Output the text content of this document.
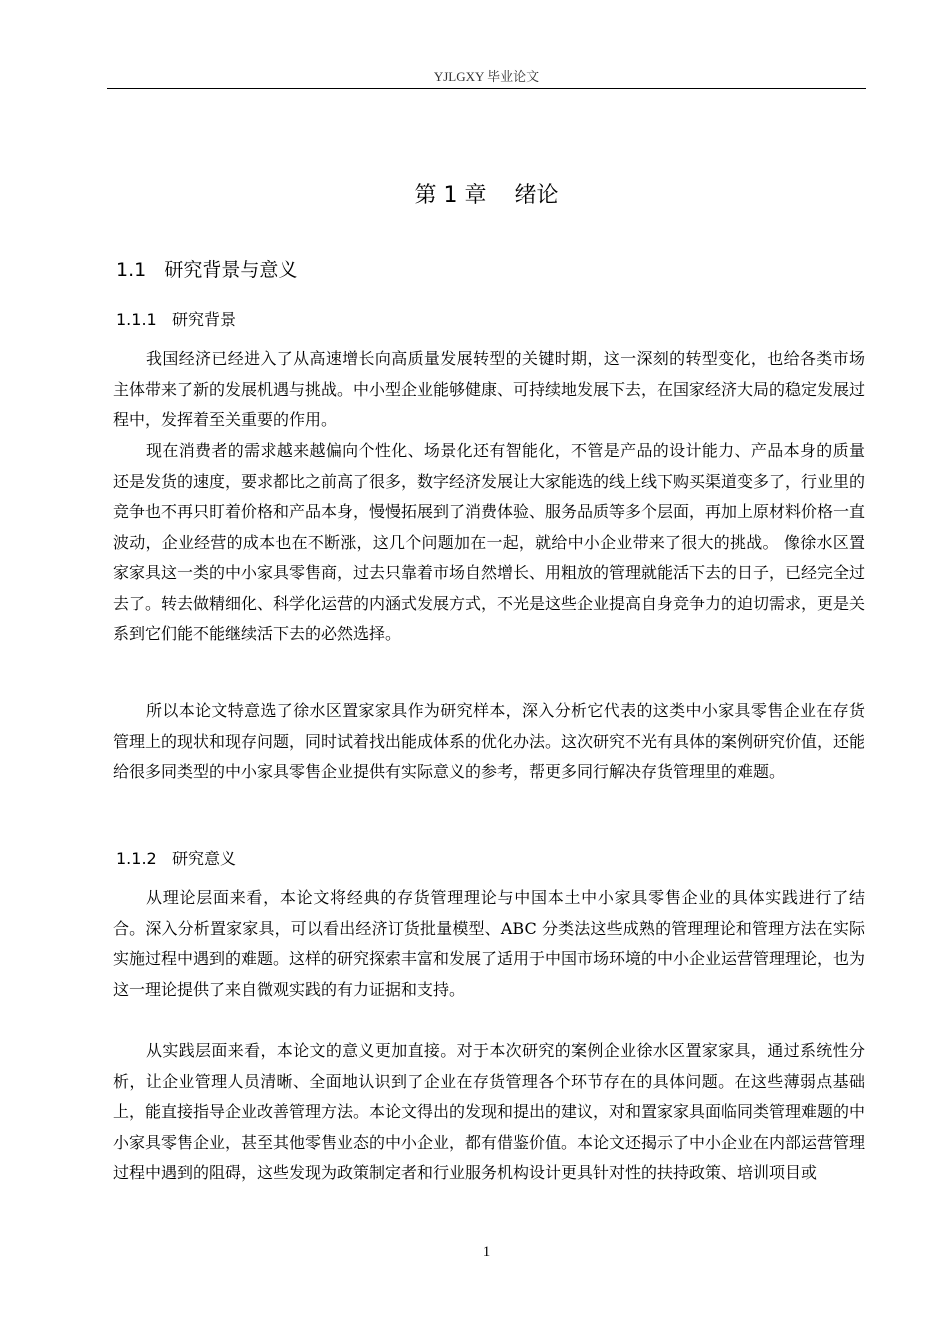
YJLGXY 毕业论文
第 1 章    绪论
1.1   研究背景与意义
1.1.1   研究背景

我国经济已经进入了从高速增长向高质量发展转型的关键时期，这一深刻的转型变化，也给各类市场主体带来了新的发展机遇与挑战。中小型企业能够健康、可持续地发展下去，在国家经济大局的稳定发展过程中，发挥着至关重要的作用。

现在消费者的需求越来越偏向个性化、场景化还有智能化，不管是产品的设计能力、产品本身的质量还是发货的速度，要求都比之前高了很多，数字经济发展让大家能选的线上线下购买渠道变多了，行业里的竞争也不再只盯着价格和产品本身，慢慢拓展到了消费体验、服务品质等多个层面，再加上原材料价格一直波动，企业经营的成本也在不断涨，这几个问题加在一起，就给中小企业带来了很大的挑战。 像徐水区置家家具这一类的中小家具零售商，过去只靠着市场自然增长、用粗放的管理就能活下去的日子，已经完全过去了。转去做精细化、科学化运营的内涵式发展方式，不光是这些企业提高自身竞争力的迫切需求，更是关系到它们能不能继续活下去的必然选择。

所以本论文特意选了徐水区置家家具作为研究样本，深入分析它代表的这类中小家具零售企业在存货管理上的现状和现存问题，同时试着找出能成体系的优化办法。这次研究不光有具体的案例研究价值，还能给很多同类型的中小家具零售企业提供有实际意义的参考，帮更多同行解决存货管理里的难题。

1.1.2   研究意义

从理论层面来看，本论文将经典的存货管理理论与中国本土中小家具零售企业的具体实践进行了结合。深入分析置家家具，可以看出经济订货批量模型、ABC 分类法这些成熟的管理理论和管理方法在实际实施过程中遇到的难题。这样的研究探索丰富和发展了适用于中国市场环境的中小企业运营管理理论，也为这一理论提供了来自微观实践的有力证据和支持。

从实践层面来看，本论文的意义更加直接。对于本次研究的案例企业徐水区置家家具，通过系统性分析，让企业管理人员清晰、全面地认识到了企业在存货管理各个环节存在的具体问题。在这些薄弱点基础上，能直接指导企业改善管理方法。本论文得出的发现和提出的建议，对和置家家具面临同类管理难题的中小家具零售企业，甚至其他零售业态的中小企业，都有借鉴价值。本论文还揭示了中小企业在内部运营管理过程中遇到的阻碍，这些发现为政策制定者和行业服务机构设计更具针对性的扶持政策、培训项目或

1
